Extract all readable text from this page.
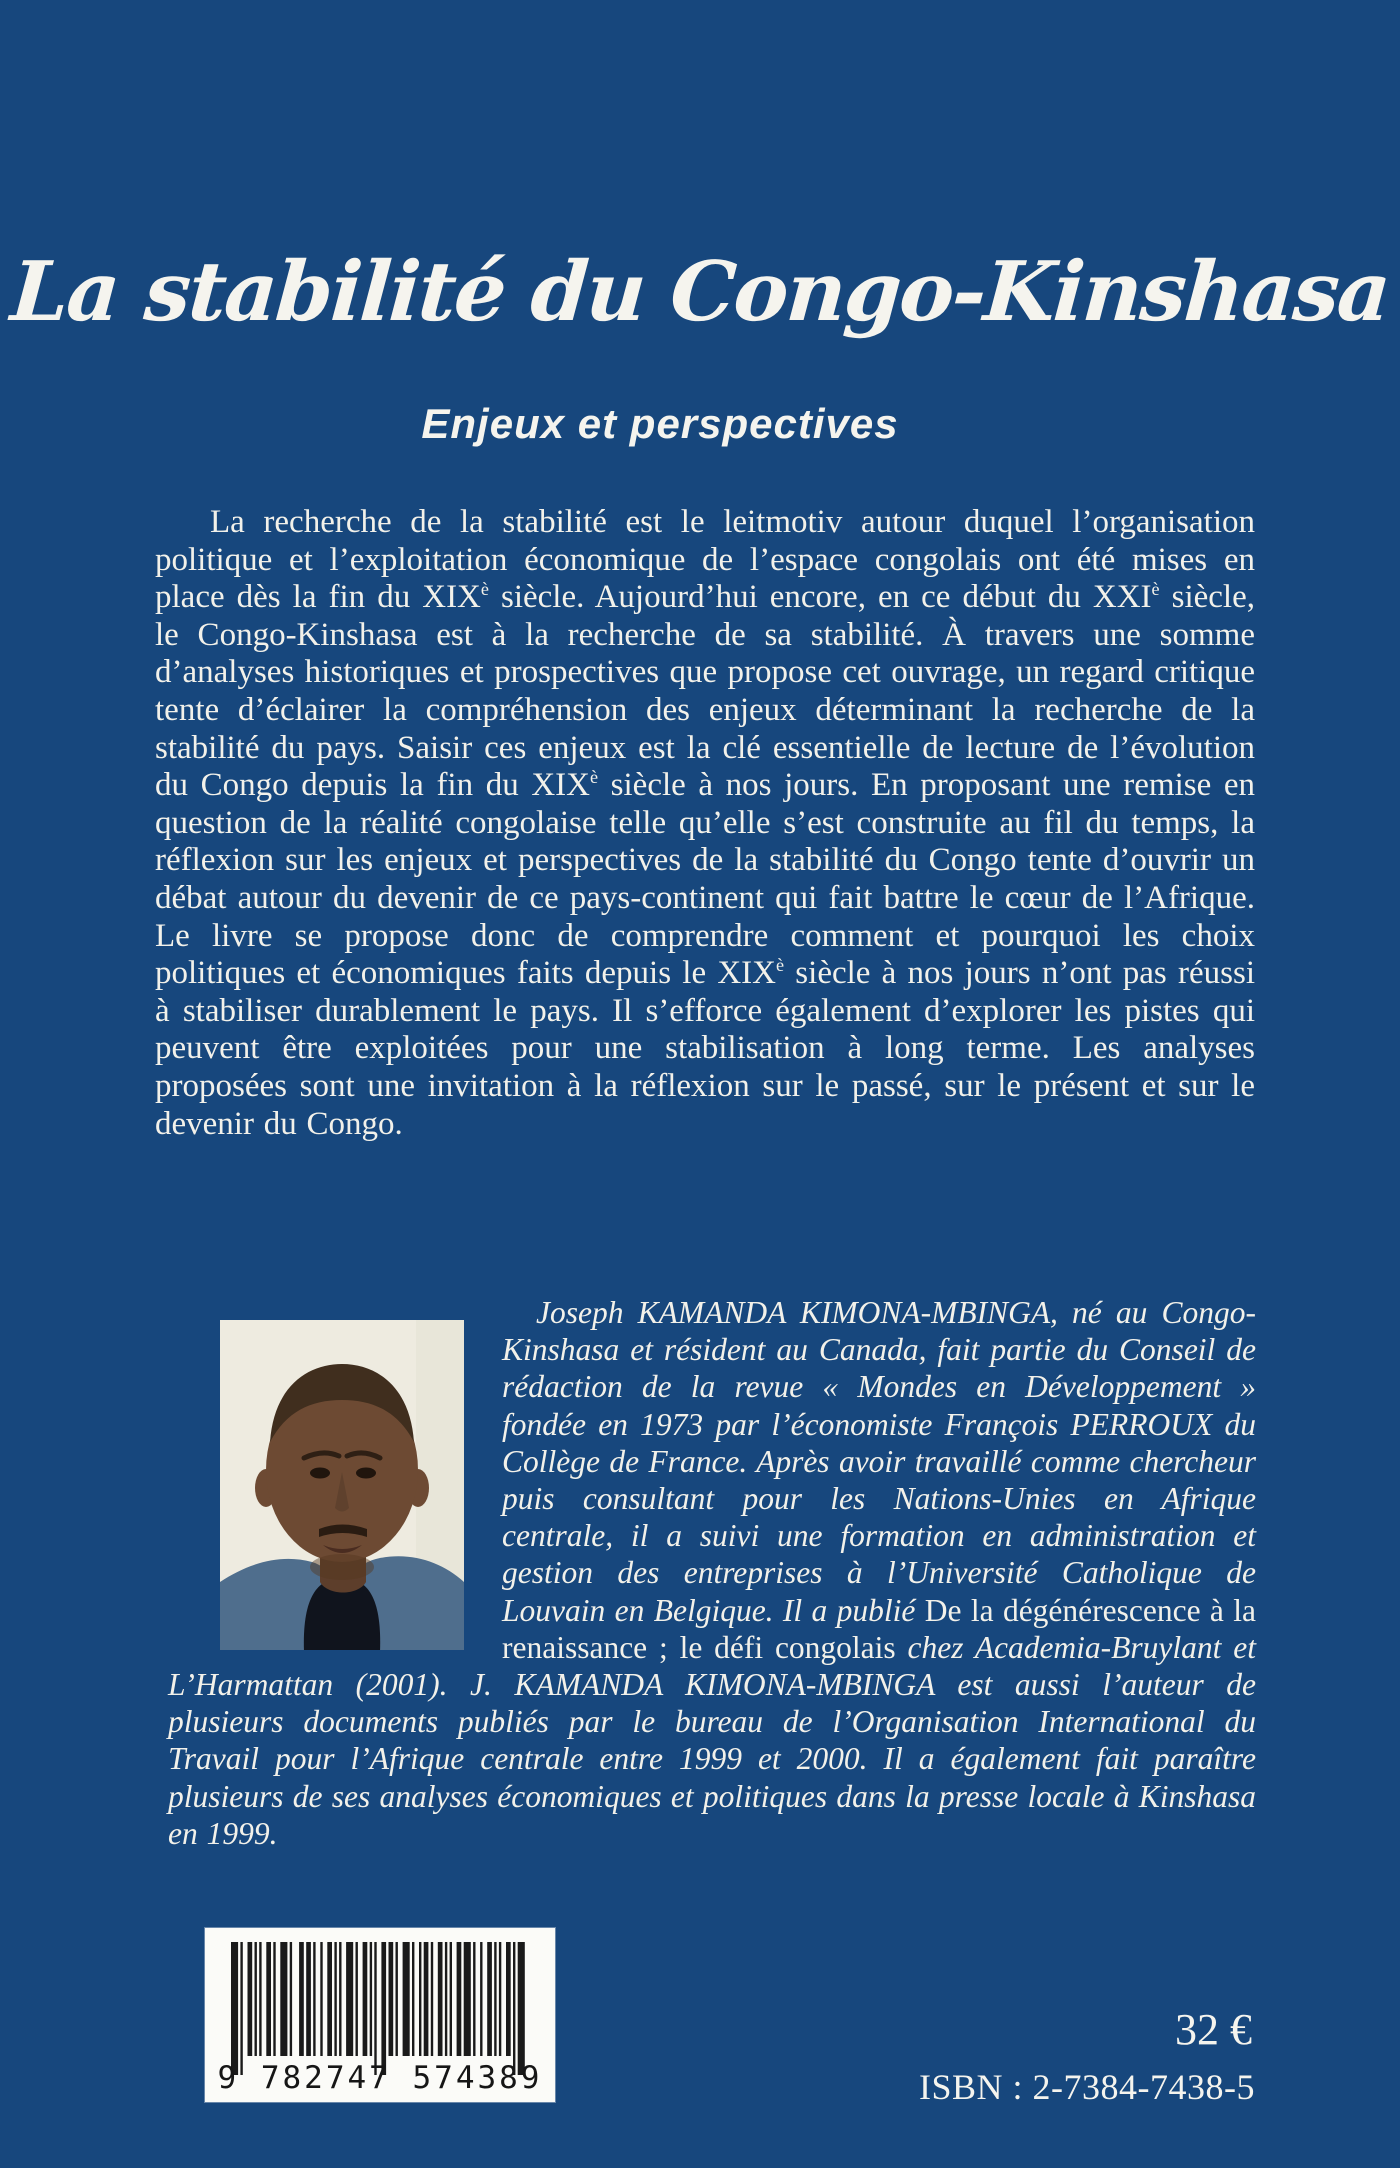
La stabilité du Congo-Kinshasa
Enjeux et perspectives

La recherche de la stabilité est le leitmotiv autour duquel l’organisation politique et l’exploitation économique de l’espace congolais ont été mises en place dès la fin du $XIX^è$ siècle. Aujourd’hui encore, en ce début du $XXI^è$ siècle, le Congo-Kinshasa est à la recherche de sa stabilité. À travers une somme d’analyses historiques et prospectives que propose cet ouvrage, un regard critique tente d’éclairer la compréhension des enjeux déterminant la recherche de la stabilité du pays. Saisir ces enjeux est la clé essentielle de lecture de l’évolution du Congo depuis la fin du $XIX^è$ siècle à nos jours. En proposant une remise en question de la réalité congolaise telle qu’elle s’est construite au fil du temps, la réflexion sur les enjeux et perspectives de la stabilité du Congo tente d’ouvrir un débat autour du devenir de ce pays-continent qui fait battre le cœur de l’Afrique. Le livre se propose donc de comprendre comment et pourquoi les choix politiques et économiques faits depuis le $XIX^è$ siècle à nos jours n’ont pas réussi à stabiliser durablement le pays. Il s’efforce également d’explorer les pistes qui peuvent être exploitées pour une stabilisation à long terme. Les analyses proposées sont une invitation à la réflexion sur le passé, sur le présent et sur le devenir du Congo.

Joseph KAMANDA KIMONA-MBINGA, né au Congo-Kinshasa et résident au Canada, fait partie du Conseil de rédaction de la revue « Mondes en Développement » fondée en 1973 par l’économiste François PERROUX du Collège de France. Après avoir travaillé comme chercheur puis consultant pour les Nations-Unies en Afrique centrale, il a suivi une formation en administration et gestion des entreprises à l’Université Catholique de Louvain en Belgique. Il a publié De la dégénérescence à la renaissance ; le défi congolais chez Academia-Bruylant et L’Harmattan (2001). J. KAMANDA KIMONA-MBINGA est aussi l’auteur de plusieurs documents publiés par le bureau de l’Organisation International du Travail pour l’Afrique centrale entre 1999 et 2000. Il a également fait paraître plusieurs de ses analyses économiques et politiques dans la presse locale à Kinshasa en 1999.

9 782747 574389
32 €
ISBN : 2-7384-7438-5
